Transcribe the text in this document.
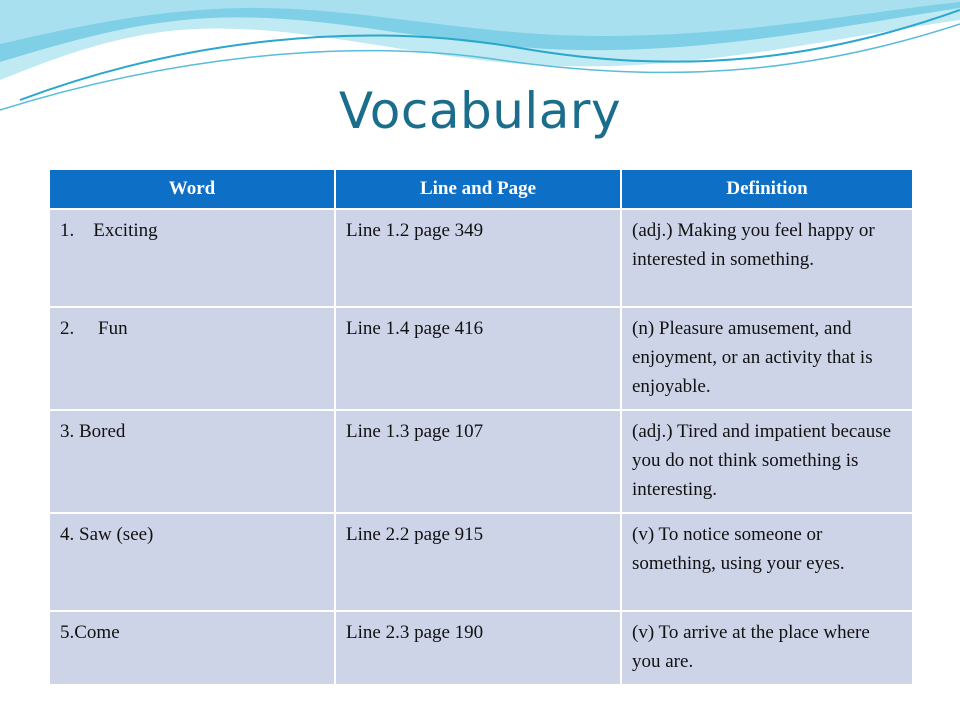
Vocabulary
Word	Line and Page	Definition
1.    Exciting	Line 1.2 page 349	(adj.) Making you feel happy or interested in something.
2.     Fun	Line 1.4 page 416	(n) Pleasure amusement, and enjoyment, or an activity that is enjoyable.
3. Bored	Line 1.3 page 107	(adj.) Tired and impatient because you do not think something is interesting.
4. Saw (see)	Line 2.2 page 915	(v) To notice someone or something, using your eyes.
5.Come	Line 2.3 page 190	(v) To arrive at the place where you are.
